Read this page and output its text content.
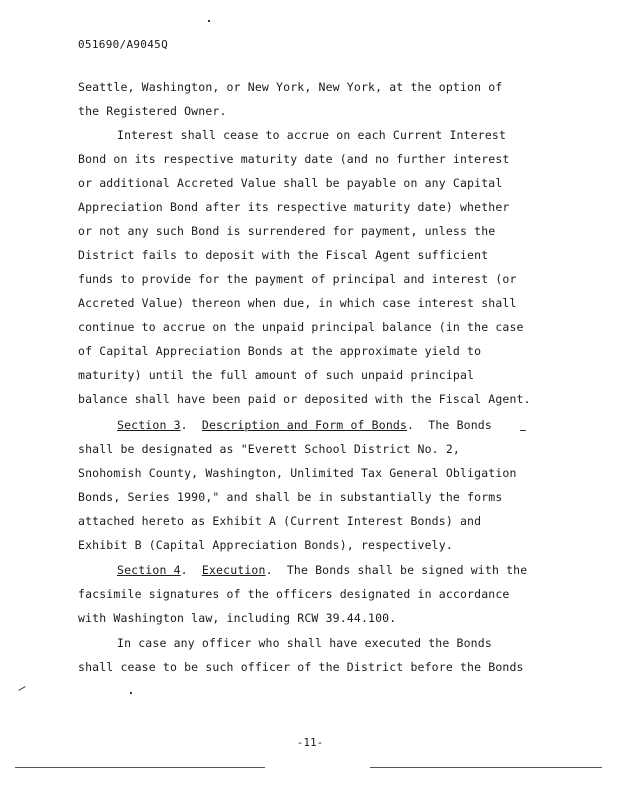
051690/A9045Q
Seattle, Washington, or New York, New York, at the option of
the Registered Owner.
Interest shall cease to accrue on each Current Interest
Bond on its respective maturity date (and no further interest
or additional Accreted Value shall be payable on any Capital
Appreciation Bond after its respective maturity date) whether
or not any such Bond is surrendered for payment, unless the
District fails to deposit with the Fiscal Agent sufficient
funds to provide for the payment of principal and interest (or
Accreted Value) thereon when due, in which case interest shall
continue to accrue on the unpaid principal balance (in the case
of Capital Appreciation Bonds at the approximate yield to
maturity) until the full amount of such unpaid principal
balance shall have been paid or deposited with the Fiscal Agent.
Section 3.  Description and Form of Bonds.  The Bonds
shall be designated as "Everett School District No. 2,
Snohomish County, Washington, Unlimited Tax General Obligation
Bonds, Series 1990," and shall be in substantially the forms
attached hereto as Exhibit A (Current Interest Bonds) and
Exhibit B (Capital Appreciation Bonds), respectively.
Section 4.  Execution.  The Bonds shall be signed with the
facsimile signatures of the officers designated in accordance
with Washington law, including RCW 39.44.100.
In case any officer who shall have executed the Bonds
shall cease to be such officer of the District before the Bonds
-11-
